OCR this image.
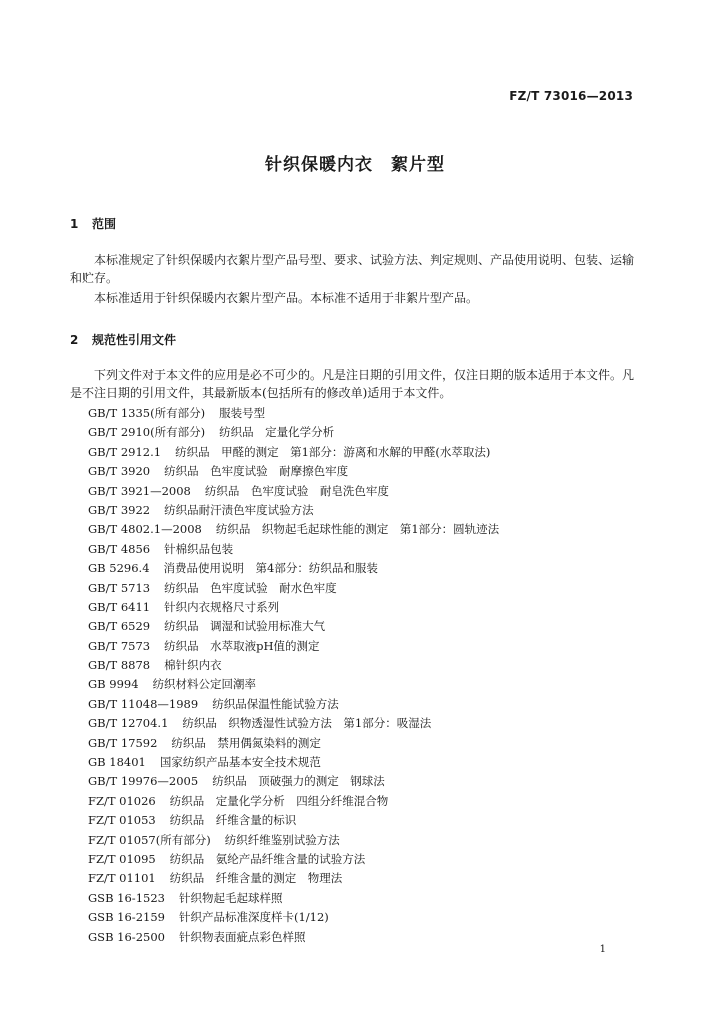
FZ/T 73016—2013
针织保暖内衣　絮片型
1 范围
本标准规定了针织保暖内衣絮片型产品号型、要求、试验方法、判定规则、产品使用说明、包装、运输和贮存。
本标准适用于针织保暖内衣絮片型产品。本标准不适用于非絮片型产品。
2 规范性引用文件
下列文件对于本文件的应用是必不可少的。凡是注日期的引用文件，仅注日期的版本适用于本文件。凡是不注日期的引用文件，其最新版本(包括所有的修改单)适用于本文件。
GB/T 1335(所有部分) 服装号型
GB/T 2910(所有部分) 纺织品　定量化学分析
GB/T 2912.1 纺织品　甲醛的测定　第1部分：游离和水解的甲醛(水萃取法)
GB/T 3920 纺织品　色牢度试验　耐摩擦色牢度
GB/T 3921—2008 纺织品　色牢度试验　耐皂洗色牢度
GB/T 3922 纺织品耐汗渍色牢度试验方法
GB/T 4802.1—2008 纺织品　织物起毛起球性能的测定　第1部分：圆轨迹法
GB/T 4856 针棉织品包装
GB 5296.4 消费品使用说明　第4部分：纺织品和服装
GB/T 5713 纺织品　色牢度试验　耐水色牢度
GB/T 6411 针织内衣规格尺寸系列
GB/T 6529 纺织品　调湿和试验用标准大气
GB/T 7573 纺织品　水萃取液pH值的测定
GB/T 8878 棉针织内衣
GB 9994 纺织材料公定回潮率
GB/T 11048—1989 纺织品保温性能试验方法
GB/T 12704.1 纺织品　织物透湿性试验方法　第1部分：吸湿法
GB/T 17592 纺织品　禁用偶氮染料的测定
GB 18401 国家纺织产品基本安全技术规范
GB/T 19976—2005 纺织品　顶破强力的测定　钢球法
FZ/T 01026 纺织品　定量化学分析　四组分纤维混合物
FZ/T 01053 纺织品　纤维含量的标识
FZ/T 01057(所有部分) 纺织纤维鉴别试验方法
FZ/T 01095 纺织品　氨纶产品纤维含量的试验方法
FZ/T 01101 纺织品　纤维含量的测定　物理法
GSB 16-1523 针织物起毛起球样照
GSB 16-2159 针织产品标准深度样卡(1/12)
GSB 16-2500 针织物表面疵点彩色样照
1
